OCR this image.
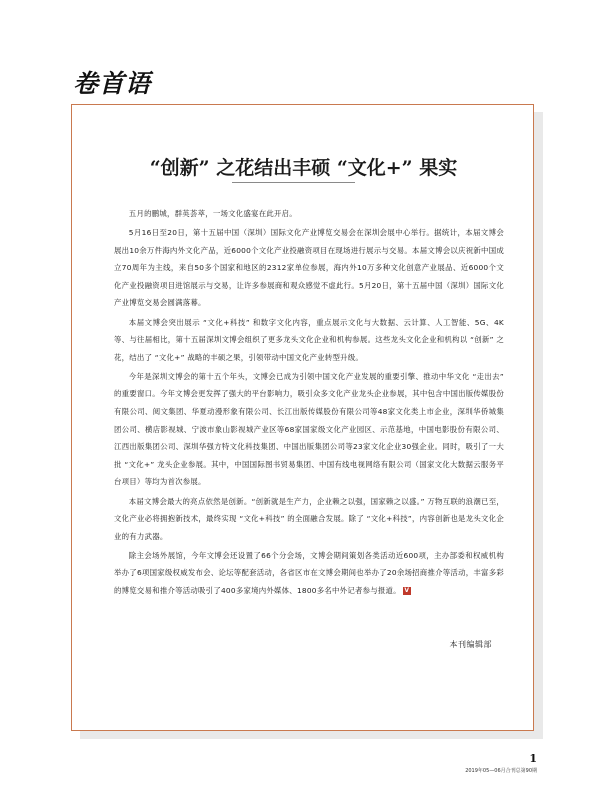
卷首语
“创新” 之花结出丰硕 “文化+” 果实

五月的鹏城，群英荟萃，一场文化盛宴在此开启。

5月16日至20日，第十五届中国（深圳）国际文化产业博览交易会在深圳会展中心举行。据统计，本届文博会展出10余万件海内外文化产品，近6000个文化产业投融资项目在现场进行展示与交易。本届文博会以庆祝新中国成立70周年为主线，来自50多个国家和地区的2312家单位参展，海内外10万多种文化创意产业展品、近6000个文化产业投融资项目进馆展示与交易，让许多参展商和观众感觉不虚此行。5月20日，第十五届中国（深圳）国际文化产业博览交易会圆满落幕。

本届文博会突出展示 “文化+科技” 和数字文化内容，重点展示文化与大数据、云计算、人工智能、5G、4K等、与往届相比，第十五届深圳文博会组织了更多龙头文化企业和机构参展。这些龙头文化企业和机构以 “创新” 之花，结出了 “文化+” 战略的丰硕之果，引领带动中国文化产业转型升级。

今年是深圳文博会的第十五个年头，文博会已成为引领中国文化产业发展的重要引擎、推动中华文化 “走出去” 的重要窗口。今年文博会更发挥了强大的平台影响力，吸引众多文化产业龙头企业参展，其中包含中国出版传媒股份有限公司、阅文集团、华夏动漫形象有限公司、长江出版传媒股份有限公司等48家文化类上市企业，深圳华侨城集团公司、横店影视城、宁波市象山影视城产业区等68家国家级文化产业园区、示范基地，中国电影股份有限公司、江西出版集团公司、深圳华强方特文化科技集团、中国出版集团公司等23家文化企业30强企业。同时，吸引了一大批 “文化+” 龙头企业参展。其中，中国国际图书贸易集团、中国有线电视网络有限公司（国家文化大数据云服务平台项目）等均为首次参展。

本届文博会最大的亮点依然是创新。“创新就是生产力，企业赖之以强，国家赖之以盛。” 万物互联的浪潮已至，文化产业必将拥抱新技术，最终实现 “文化+科技” 的全面融合发展。除了 “文化+科技”，内容创新也是龙头文化企业的有力武器。

除主会场外展馆，今年文博会还设置了66个分会场，文博会期间策划各类活动近600项，主办部委和权威机构举办了6项国家级权威发布会、论坛等配套活动，各省区市在文博会期间也举办了20余场招商推介等活动，丰富多彩的博览交易和推介等活动吸引了400多家境内外媒体、1800多名中外记者参与报道。 V

本刊编辑部
1
2019年05—06月合刊总第90期
